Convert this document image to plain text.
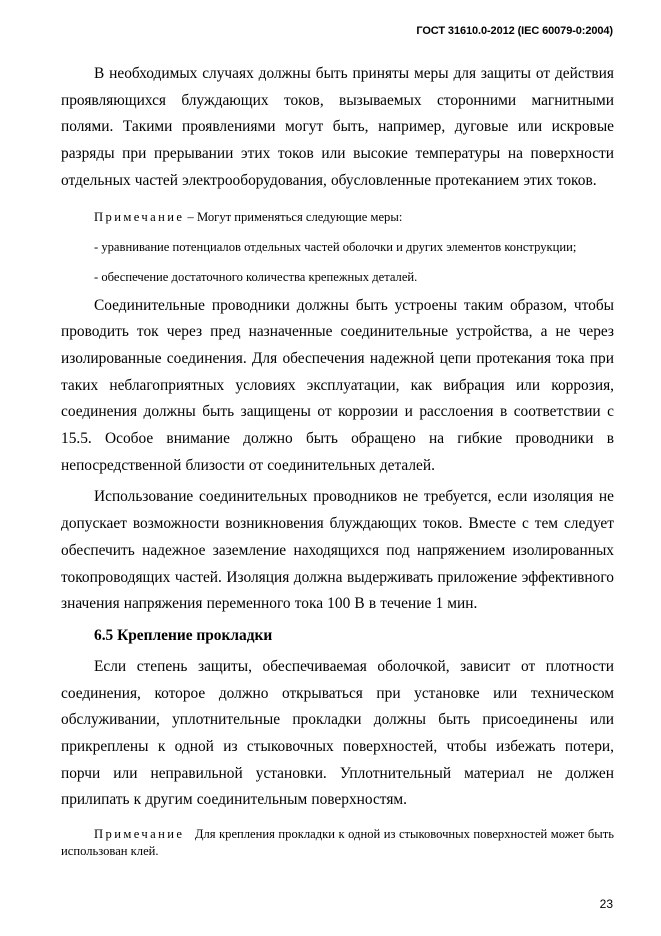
ГОСТ 31610.0-2012 (IEC 60079-0:2004)

В необходимых случаях должны быть приняты меры для защиты от действия проявляющихся блуждающих токов, вызываемых сторонними магнитными полями. Такими проявлениями могут быть, например, дуговые или искровые разряды при прерывании этих токов или высокие температуры на поверхности отдельных частей электрооборудования, обусловленные протеканием этих токов.

Примечание – Могут применяться следующие меры:

- уравнивание потенциалов отдельных частей оболочки и других элементов конструкции;

- обеспечение достаточного количества крепежных деталей.

Соединительные проводники должны быть устроены таким образом, чтобы проводить ток через пред назначенные соединительные устройства, а не через изолированные соединения. Для обеспечения надежной цепи протекания тока при таких неблагоприятных условиях эксплуатации, как вибрация или коррозия, соединения должны быть защищены от коррозии и расслоения в соответствии с 15.5. Особое внимание должно быть обращено на гибкие проводники в непосредственной близости от соединительных деталей.

Использование соединительных проводников не требуется, если изоляция не допускает возможности возникновения блуждающих токов. Вместе с тем следует обеспечить надежное заземление находящихся под напряжением изолированных токопроводящих частей. Изоляция должна выдерживать приложение эффективного значения напряжения переменного тока 100 В в течение 1 мин.

6.5 Крепление прокладки

Если степень защиты, обеспечиваемая оболочкой, зависит от плотности соединения, которое должно открываться при установке или техническом обслуживании, уплотнительные прокладки должны быть присоединены или прикреплены к одной из стыковочных поверхностей, чтобы избежать потери, порчи или неправильной установки. Уплотнительный материал не должен прилипать к другим соединительным поверхностям.

Примечание   Для крепления прокладки к одной из стыковочных поверхностей может быть использован клей.

23
